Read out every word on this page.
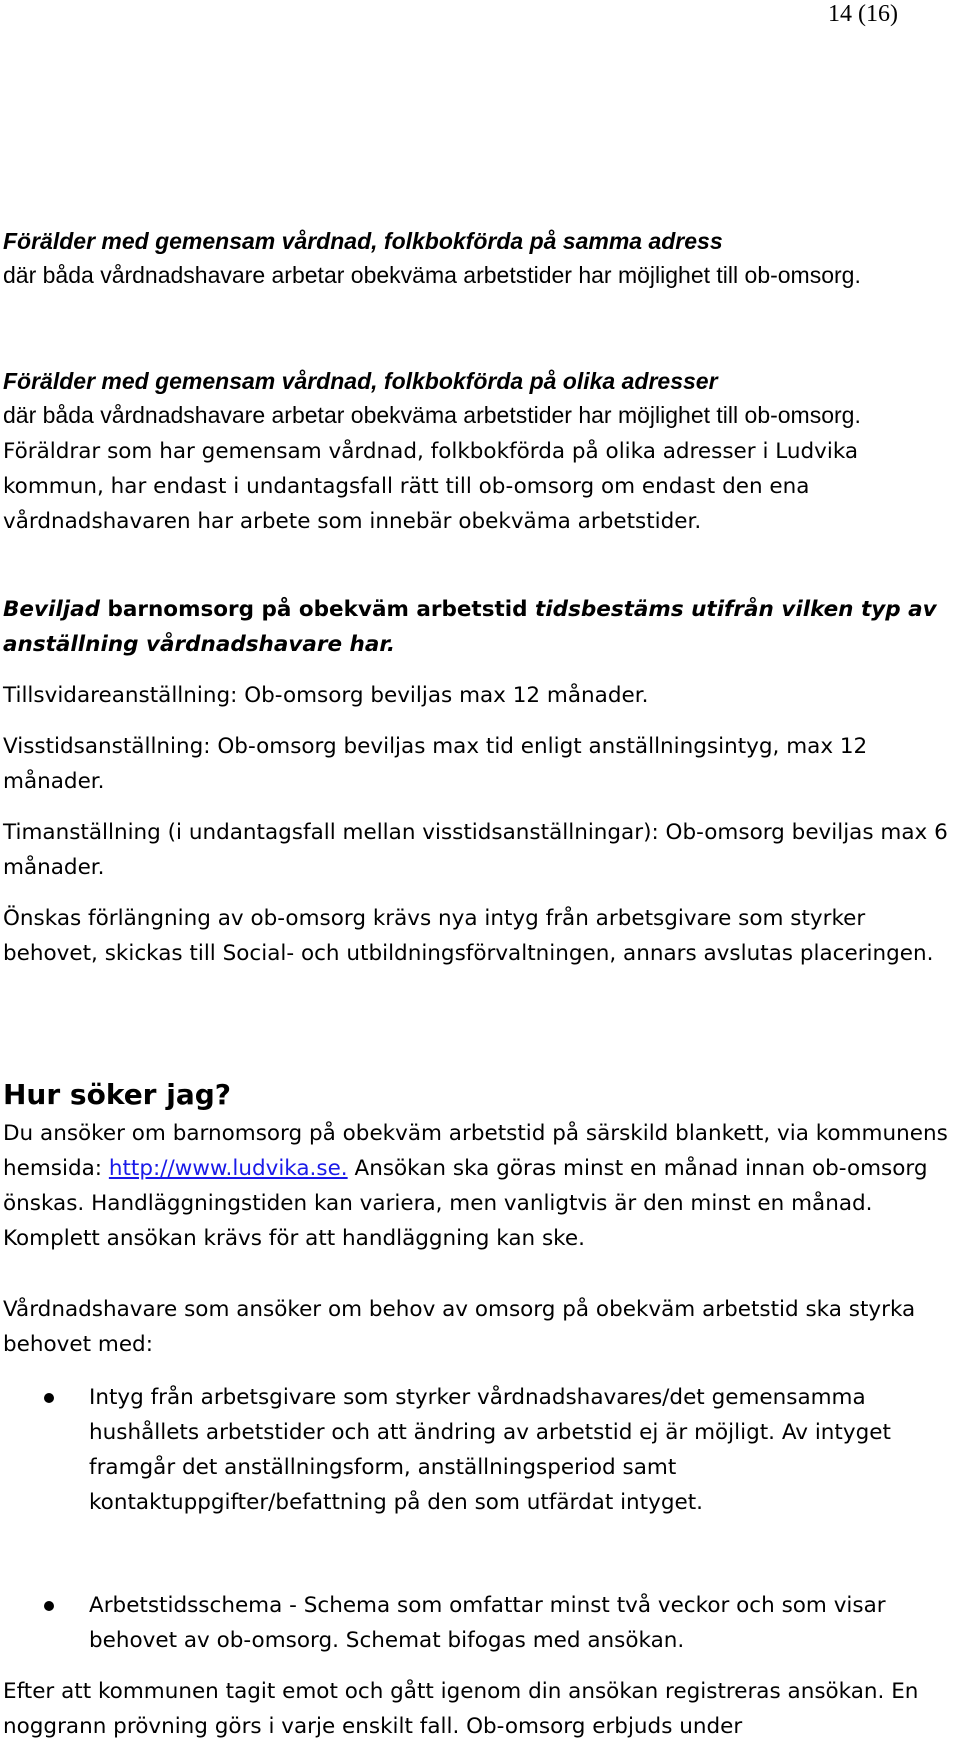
14 (16)

Förälder med gemensam vårdnad, folkbokförda på samma adress
där båda vårdnadshavare arbetar obekväma arbetstider har möjlighet till ob-omsorg.

Förälder med gemensam vårdnad, folkbokförda på olika adresser
där båda vårdnadshavare arbetar obekväma arbetstider har möjlighet till ob-omsorg. Föräldrar som har gemensam vårdnad, folkbokförda på olika adresser i Ludvika kommun, har endast i undantagsfall rätt till ob-omsorg om endast den ena vårdnadshavaren har arbete som innebär obekväma arbetstider.

Beviljad barnomsorg på obekväm arbetstid tidsbestäms utifrån vilken typ av anställning vårdnadshavare har.

Tillsvidareanställning: Ob-omsorg beviljas max 12 månader.

Visstidsanställning: Ob-omsorg beviljas max tid enligt anställningsintyg, max 12 månader.

Timanställning (i undantagsfall mellan visstidsanställningar): Ob-omsorg beviljas max 6 månader.

Önskas förlängning av ob-omsorg krävs nya intyg från arbetsgivare som styrker behovet, skickas till Social- och utbildningsförvaltningen, annars avslutas placeringen.

Hur söker jag?

Du ansöker om barnomsorg på obekväm arbetstid på särskild blankett, via kommunens hemsida: http://www.ludvika.se. Ansökan ska göras minst en månad innan ob-omsorg önskas. Handläggningstiden kan variera, men vanligtvis är den minst en månad. Komplett ansökan krävs för att handläggning kan ske.

Vårdnadshavare som ansöker om behov av omsorg på obekväm arbetstid ska styrka behovet med:

Intyg från arbetsgivare som styrker vårdnadshavares/det gemensamma hushållets arbetstider och att ändring av arbetstid ej är möjligt. Av intyget framgår det anställningsform, anställningsperiod samt kontaktuppgifter/befattning på den som utfärdat intyget.

Arbetstidsschema - Schema som omfattar minst två veckor och som visar behovet av ob-omsorg. Schemat bifogas med ansökan.

Efter att kommunen tagit emot och gått igenom din ansökan registreras ansökan. En noggrann prövning görs i varje enskilt fall. Ob-omsorg erbjuds under
